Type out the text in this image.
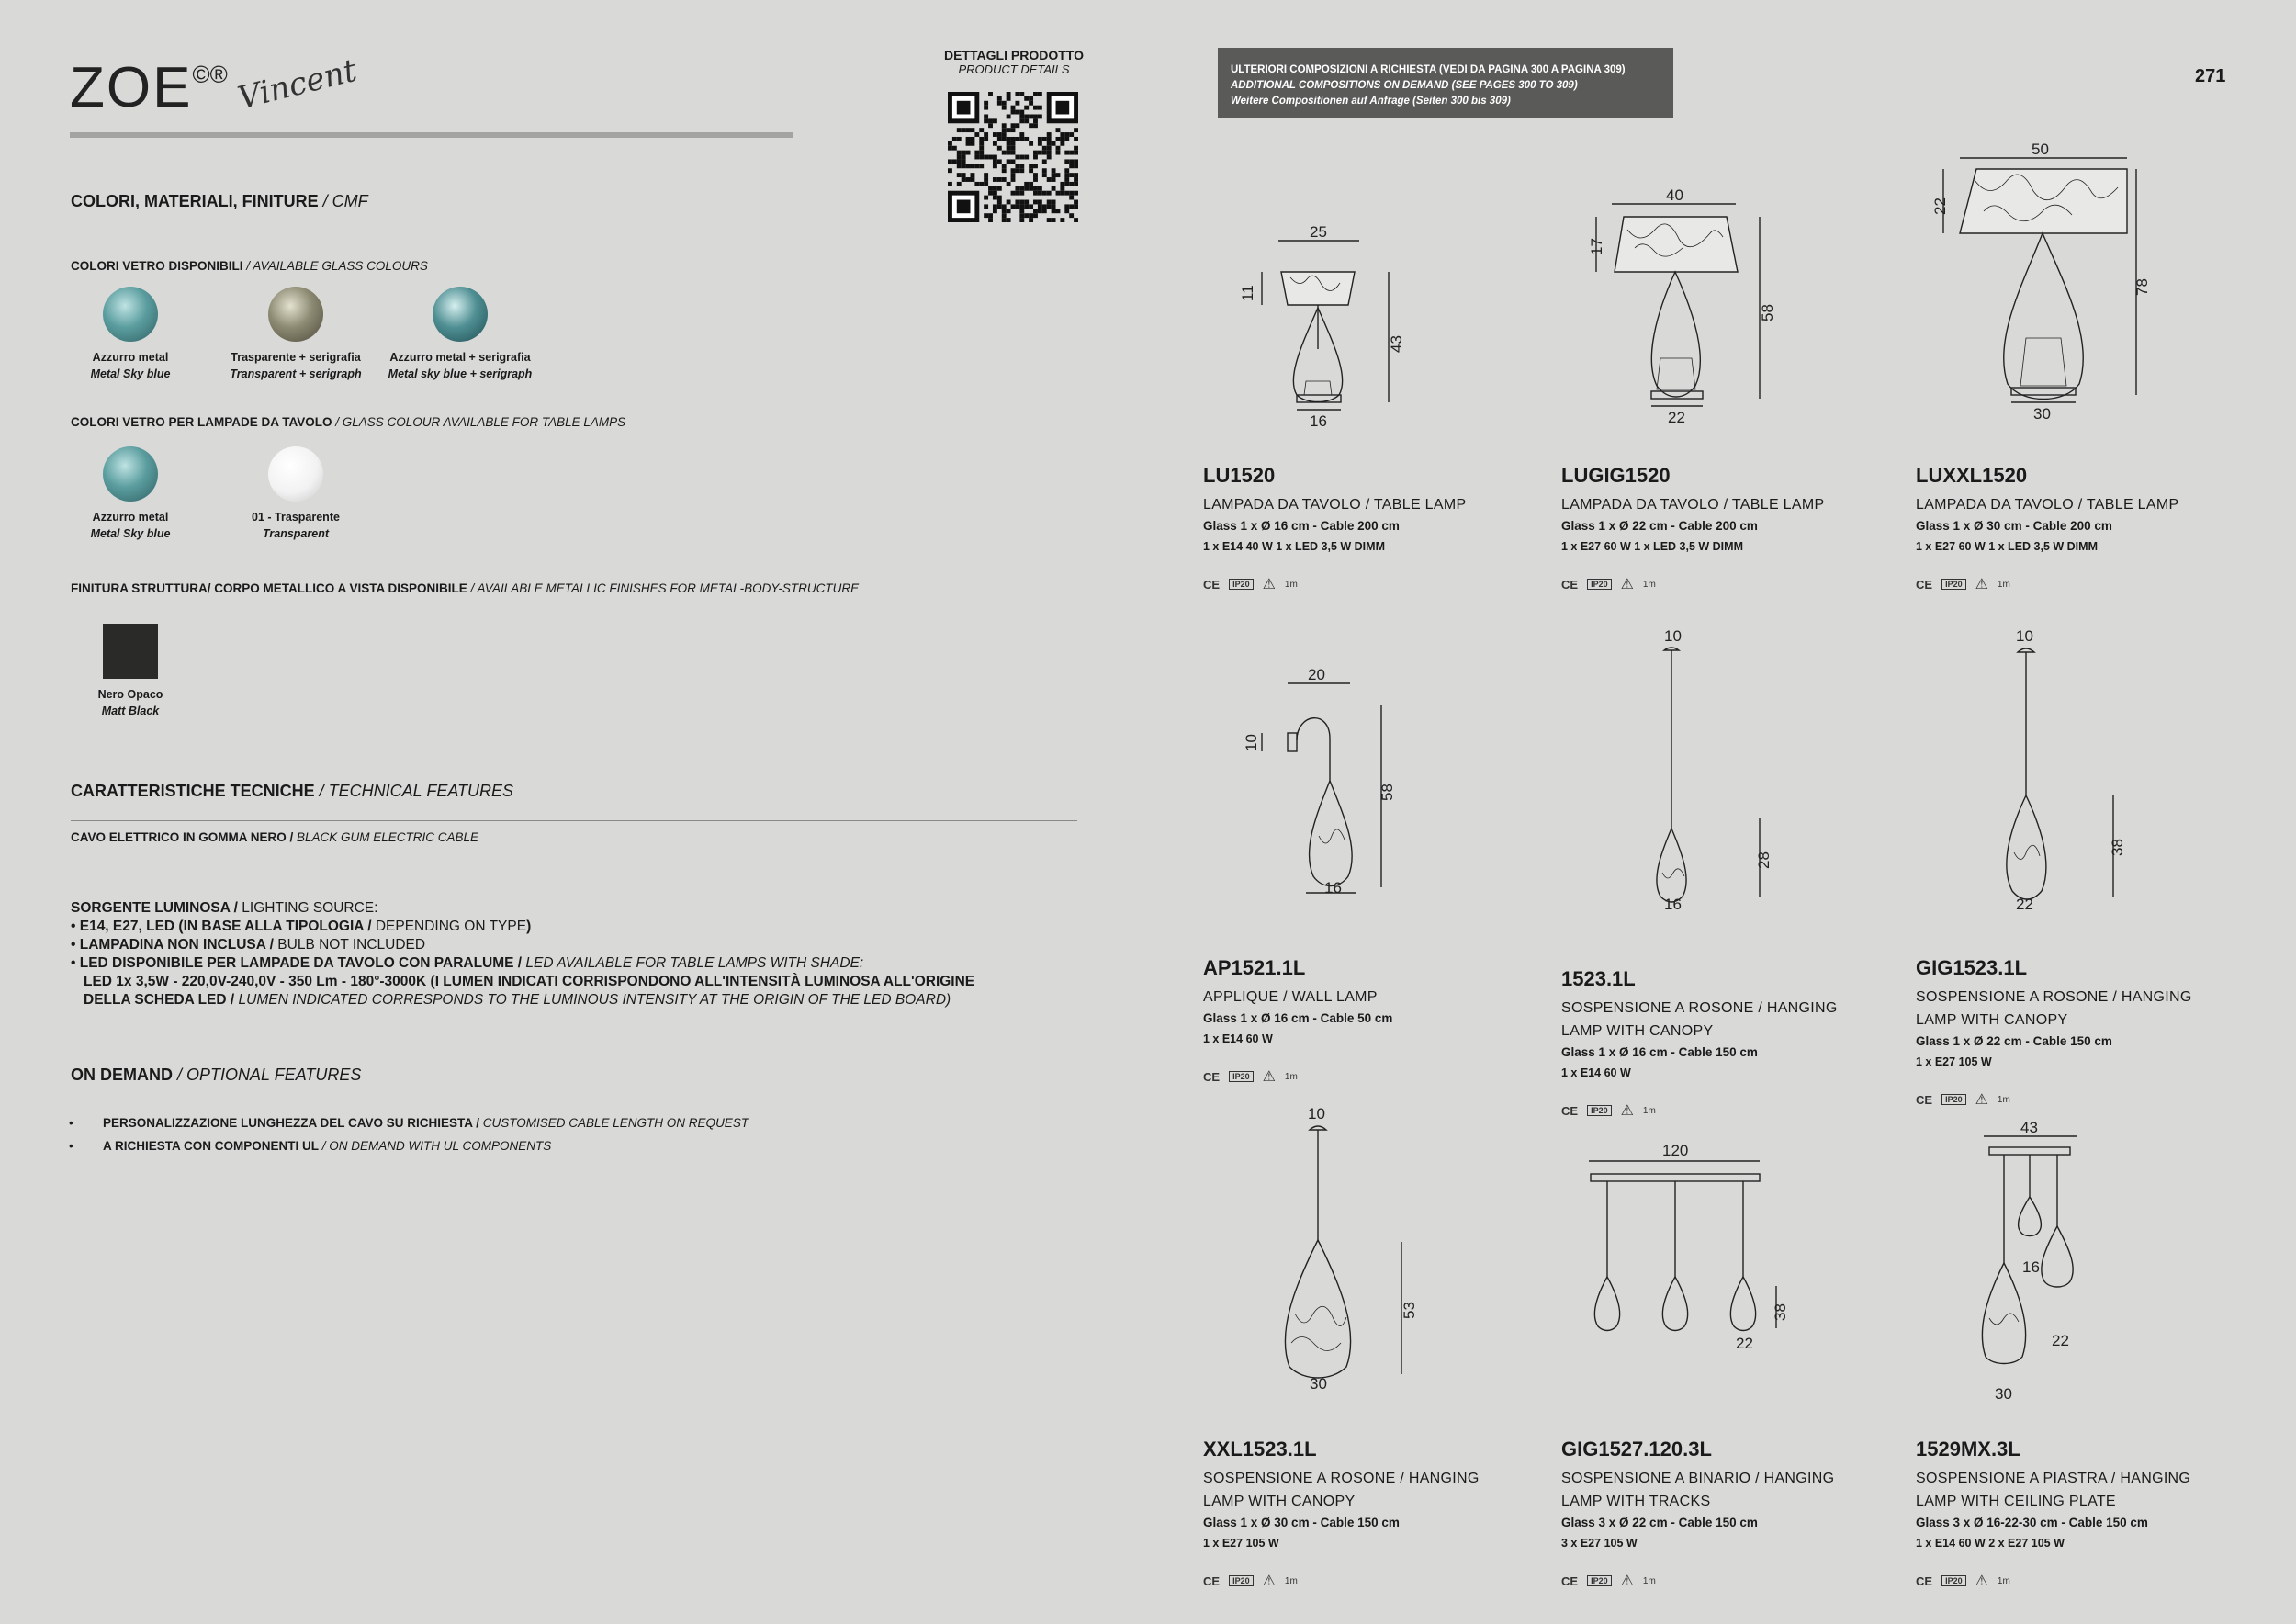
ZOE©® Vincent	DETTAGLI PRODOTTO
PRODUCT DETAILS
COLORI, MATERIALI, FINITURE / CMF
COLORI VETRO DISPONIBILI / AVAILABLE GLASS COLOURS
Azzurro metal
Metal Sky blue
Trasparente + serigrafia
Transparent + serigraph
Azzurro metal + serigrafia
Metal sky blue + serigraph
COLORI VETRO PER LAMPADE DA TAVOLO / GLASS COLOUR AVAILABLE FOR TABLE LAMPS
Azzurro metal
Metal Sky blue
01 - Trasparente
Transparent
FINITURA STRUTTURA/ CORPO METALLICO A VISTA DISPONIBILE / AVAILABLE METALLIC FINISHES FOR METAL-BODY-STRUCTURE
Nero Opaco
Matt Black
CARATTERISTICHE TECNICHE / TECHNICAL FEATURES
CAVO ELETTRICO IN GOMMA NERO / BLACK GUM ELECTRIC CABLE
SORGENTE LUMINOSA / LIGHTING SOURCE:
• E14, E27, LED (IN BASE ALLA TIPOLOGIA / DEPENDING ON TYPE)
• LAMPADINA NON INCLUSA / BULB NOT INCLUDED
• LED DISPONIBILE PER LAMPADE DA TAVOLO CON PARALUME / LED AVAILABLE FOR TABLE LAMPS WITH SHADE:
LED 1x 3,5W - 220,0V-240,0V - 350 Lm - 180°-3000K (I LUMEN INDICATI CORRISPONDONO ALL'INTENSITÀ LUMINOSA ALL'ORIGINE
DELLA SCHEDA LED / LUMEN INDICATED CORRESPONDS TO THE LUMINOUS INTENSITY AT THE ORIGIN OF THE LED BOARD)
ON DEMAND / OPTIONAL FEATURES
• PERSONALIZZAZIONE LUNGHEZZA DEL CAVO SU RICHIESTA / CUSTOMISED CABLE LENGTH ON REQUEST
• A RICHIESTA CON COMPONENTI UL / ON DEMAND WITH UL COMPONENTS
ULTERIORI COMPOSIZIONI A RICHIESTA (VEDI DA PAGINA 300 A PAGINA 309)
ADDITIONAL COMPOSITIONS ON DEMAND (SEE PAGES 300 TO 309)
Weitere Compositionen auf Anfrage (Seiten 300 bis 309)
271
25
11
43
16
40
17
58
22
50
22
78
30
20
10
58
16
10
28
16
10
38
22
10
53
30
120
38
22
43
16
22
30
LU1520
LAMPADA DA TAVOLO / TABLE LAMP
Glass 1 x Ø 16 cm - Cable 200 cm
1 x E14 40 W 1 x LED 3,5 W DIMM
CE	IP20 ⚠ 1m
LUGIG1520
LAMPADA DA TAVOLO / TABLE LAMP
Glass 1 x Ø 22 cm - Cable 200 cm
1 x E27 60 W 1 x LED 3,5 W DIMM
CE	IP20 ⚠ 1m
LUXXL1520
LAMPADA DA TAVOLO / TABLE LAMP
Glass 1 x Ø 30 cm - Cable 200 cm
1 x E27 60 W 1 x LED 3,5 W DIMM
CE	IP20 ⚠ 1m
AP1521.1L
APPLIQUE / WALL LAMP
Glass 1 x Ø 16 cm - Cable 50 cm
1 x E14 60 W
CE	IP20 ⚠ 1m
1523.1L
SOSPENSIONE A ROSONE / HANGING
LAMP WITH CANOPY
Glass 1 x Ø 16 cm - Cable 150 cm
1 x E14 60 W
CE	IP20 ⚠ 1m
GIG1523.1L
SOSPENSIONE A ROSONE / HANGING
LAMP WITH CANOPY
Glass 1 x Ø 22 cm - Cable 150 cm
1 x E27 105 W
CE	IP20 ⚠ 1m
XXL1523.1L
SOSPENSIONE A ROSONE / HANGING
LAMP WITH CANOPY
Glass 1 x Ø 30 cm - Cable 150 cm
1 x E27 105 W
CE	IP20 ⚠ 1m
GIG1527.120.3L
SOSPENSIONE A BINARIO / HANGING
LAMP WITH TRACKS
Glass 3 x Ø 22 cm - Cable 150 cm
3 x E27 105 W
CE	IP20 ⚠ 1m
1529MX.3L
SOSPENSIONE A PIASTRA / HANGING
LAMP WITH CEILING PLATE
Glass 3 x Ø 16-22-30 cm - Cable 150 cm
1 x E14 60 W 2 x E27 105 W
CE	IP20 ⚠ 1m
